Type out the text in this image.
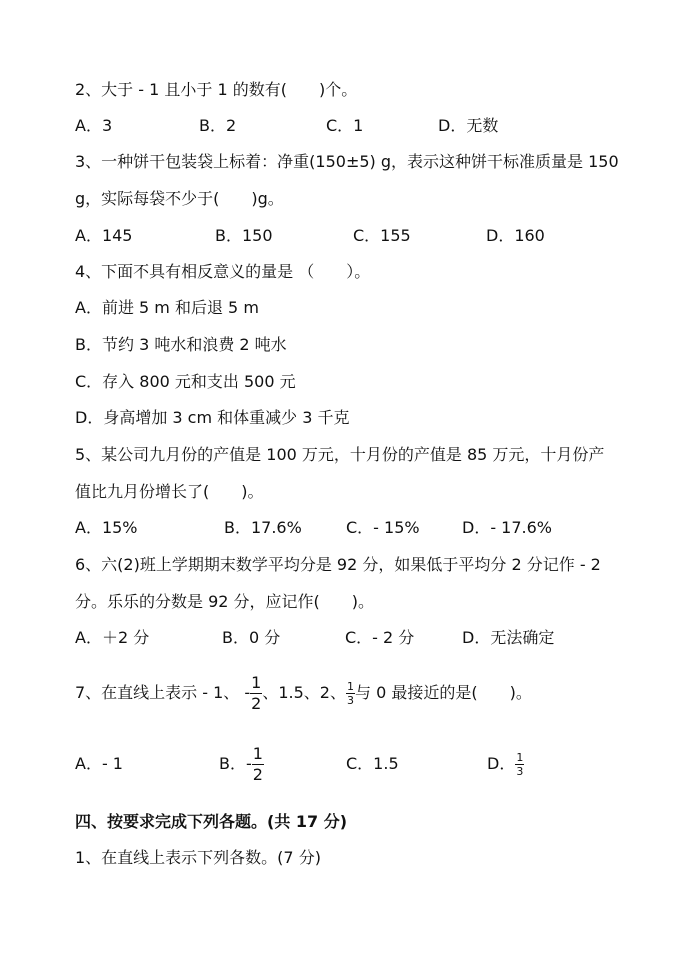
2、大于 - 1 且小于 1 的数有(　　)个。
A．3	B．2	C．1	D．无数
3、一种饼干包装袋上标着：净重(150±5) g，表示这种饼干标准质量是 150
g，实际每袋不少于(　　)g。
A．145	B．150	C．155	D．160
4、下面不具有相反意义的量是 （　　）。
A．前进 5 m 和后退 5 m
B．节约 3 吨水和浪费 2 吨水
C．存入 800 元和支出 500 元
D．身高增加 3 cm 和体重减少 3 千克
5、某公司九月份的产值是 100 万元，十月份的产值是 85 万元，十月份产
值比九月份增长了(　　)。
A．15%	B．17.6%	C．- 15%	D．- 17.6%
6、六(2)班上学期期末数学平均分是 92 分，如果低于平均分 2 分记作 - 2
分。乐乐的分数是 92 分，应记作(　　)。
A．＋2 分	B．0 分	C．- 2 分	D．无法确定
7、在直线上表示 - 1、 - $\frac{1}{2}$ 、1.5、2、 $\frac{1}{3}$ 与 0 最接近的是(　　)。
A．- 1	B．- $\frac{1}{2}$	C．1.5	D． $\frac{1}{3}$
四、按要求完成下列各题。(共 17 分)
1、在直线上表示下列各数。(7 分)
